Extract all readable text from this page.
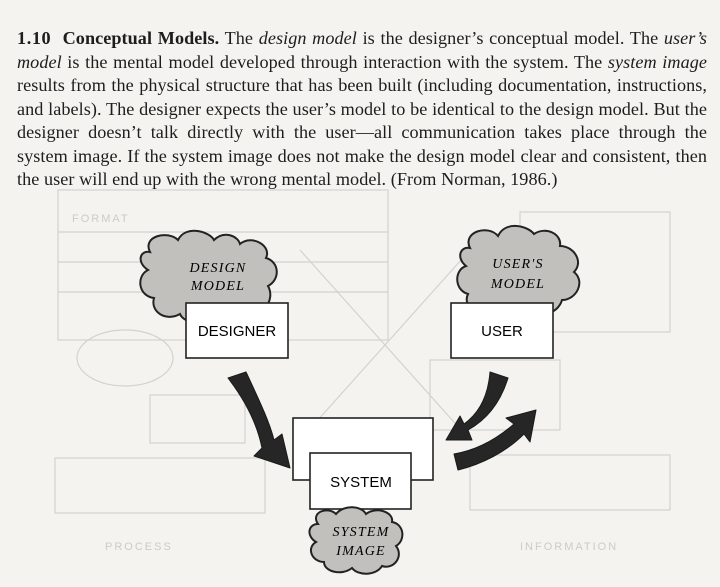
1.10 Conceptual Models. The design model is the designer’s conceptual model. The user’s model is the mental model developed through interaction with the system. The system image results from the physical structure that has been built (including documentation, instructions, and labels). The designer expects the user’s model to be identical to the design model. But the designer doesn’t talk directly with the user—all communication takes place through the system image. If the system image does not make the design model clear and consistent, then the user will end up with the wrong mental model. (From Norman, 1986.)

PROCESS	INFORMATION
FORMAT
DESIGN
MODEL
DESIGNER
USER'S
MODEL
USER
SYSTEM
SYSTEM
IMAGE
